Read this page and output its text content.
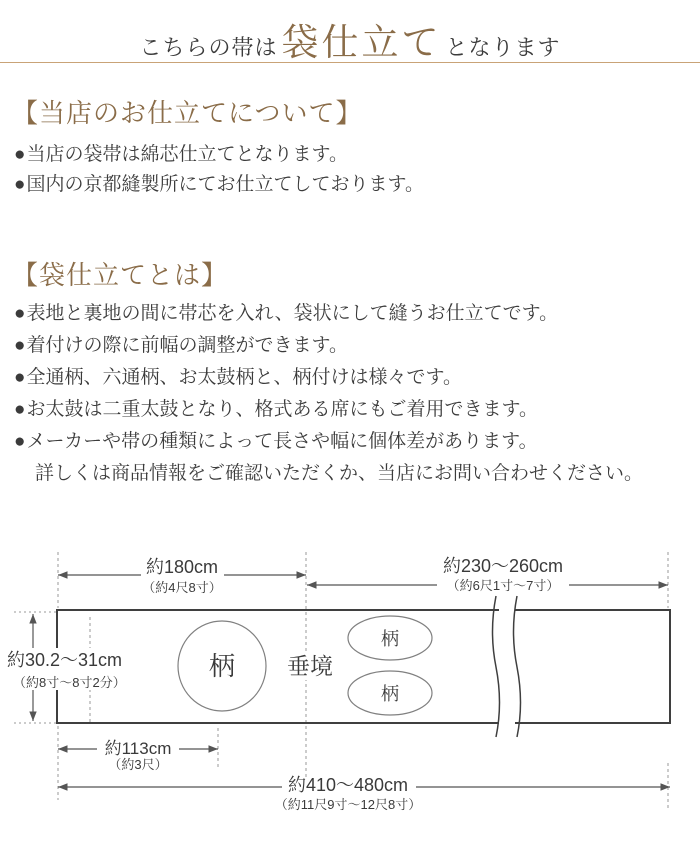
こちらの帯は 袋仕立て となります
【当店のお仕立てについて】
●当店の袋帯は綿芯仕立てとなります。
●国内の京都縫製所にてお仕立てしております。
【袋仕立てとは】
●表地と裏地の間に帯芯を入れ、袋状にして縫うお仕立てです。
●着付けの際に前幅の調整ができます。
●全通柄、六通柄、お太鼓柄と、柄付けは様々です。
●お太鼓は二重太鼓となり、格式ある席にもご着用できます。
●メーカーや帯の種類によって長さや幅に個体差があります。
詳しくは商品情報をご確認いただくか、当店にお問い合わせください。
約180cm
（約4尺8寸）
約230〜260cm
（約6尺1寸〜7寸）
約30.2〜31cm
（約8寸〜8寸2分）
約113cm
（約3尺）
約410〜480cm
（約11尺9寸〜12尺8寸）
柄
柄
柄
垂境
